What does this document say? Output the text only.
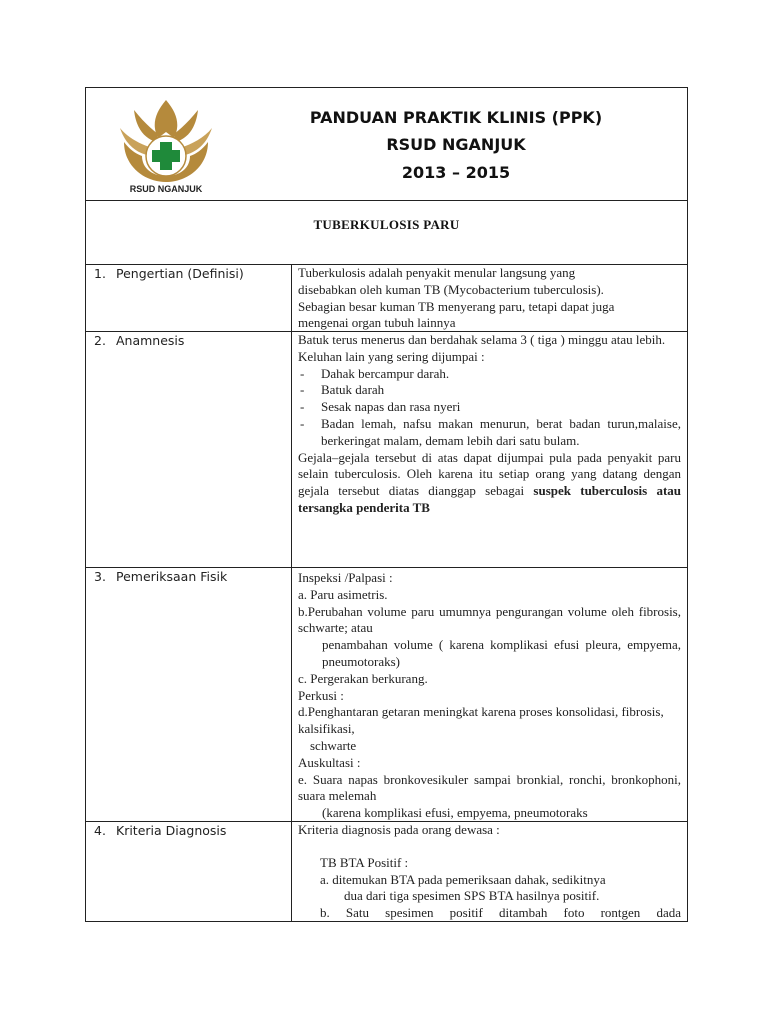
RSUD NGANJUK
PANDUAN PRAKTIK KLINIS (PPK)
RSUD NGANJUK
2013 – 2015
TUBERKULOSIS PARU
1. Pengertian (Definisi)	Tuberkulosis adalah penyakit menular langsung yang

disebabkan oleh kuman TB (Mycobacterium tuberculosis).

Sebagian besar kuman TB menyerang paru, tetapi dapat juga

mengenai organ tubuh lainnya

2. Anamnesis	Batuk terus menerus dan berdahak selama 3 ( tiga ) minggu atau lebih.

Keluhan lain yang sering dijumpai :

- Dahak bercampur darah.
- Batuk darah
- Sesak napas dan rasa nyeri
- Badan lemah, nafsu makan menurun, berat badan turun,malaise, berkeringat malam, demam lebih dari satu bulam.

Gejala–gejala tersebut di atas dapat dijumpai pula pada penyakit paru selain tuberculosis. Oleh karena itu setiap orang yang datang dengan gejala tersebut diatas dianggap sebagai suspek tuberculosis atau tersangka penderita TB

3. Pemeriksaan Fisik	Inspeksi /Palpasi :

a. Paru asimetris.

b.Perubahan volume paru umumnya pengurangan volume oleh fibrosis, schwarte; atau

penambahan volume ( karena komplikasi efusi pleura, empyema, pneumotoraks)

c. Pergerakan berkurang.

Perkusi :

d.Penghantaran getaran meningkat karena proses konsolidasi, fibrosis, kalsifikasi,

schwarte

Auskultasi :

e. Suara napas bronkovesikuler sampai bronkial, ronchi, bronkophoni, suara melemah

(karena komplikasi efusi, empyema, pneumotoraks

4. Kriteria Diagnosis	Kriteria diagnosis pada orang dewasa :

TB BTA Positif :

a. ditemukan BTA pada pemeriksaan dahak, sedikitnya

dua dari tiga spesimen SPS BTA hasilnya positif.

b. Satu spesimen positif ditambah foto rontgen dada
